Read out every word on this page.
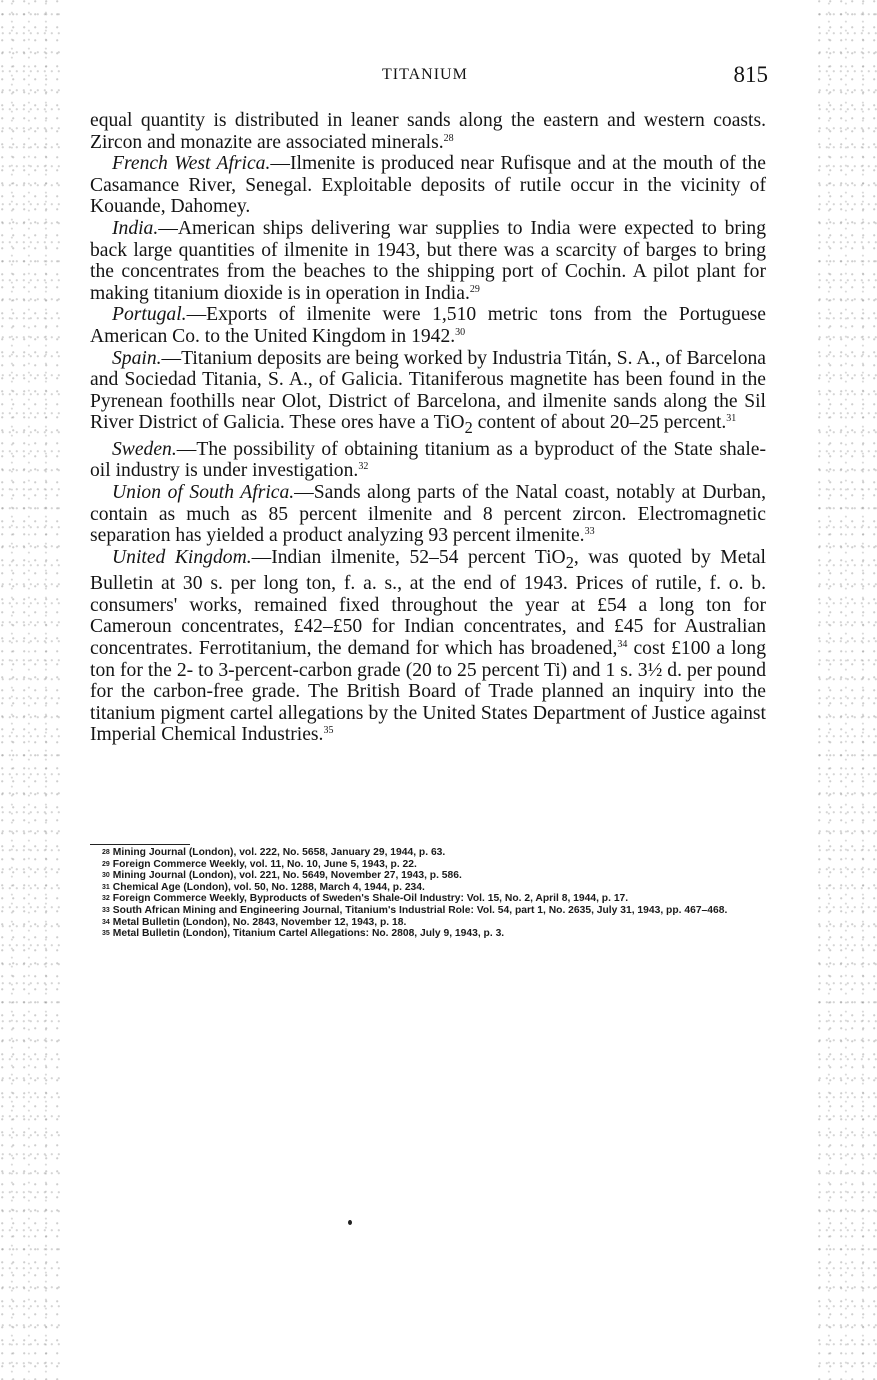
TITANIUM	815

equal quantity is distributed in leaner sands along the eastern and western coasts. Zircon and monazite are associated minerals.$^{28}$

French West Africa.—Ilmenite is produced near Rufisque and at the mouth of the Casamance River, Senegal. Exploitable deposits of rutile occur in the vicinity of Kouande, Dahomey.

India.—American ships delivering war supplies to India were expected to bring back large quantities of ilmenite in 1943, but there was a scarcity of barges to bring the concentrates from the beaches to the shipping port of Cochin. A pilot plant for making titanium dioxide is in operation in India.$^{29}$

Portugal.—Exports of ilmenite were 1,510 metric tons from the Portuguese American Co. to the United Kingdom in 1942.30

Spain.—Titanium deposits are being worked by Industria Titán, S. A., of Barcelona and Sociedad Titania, S. A., of Galicia. Titaniferous magnetite has been found in the Pyrenean foothills near Olot, District of Barcelona, and ilmenite sands along the Sil River District of Galicia. These ores have a TiO$_2$ content of about 20–25 percent.$^{31}$

Sweden.—The possibility of obtaining titanium as a byproduct of the State shale-oil industry is under investigation.$^{32}$

Union of South Africa.—Sands along parts of the Natal coast, notably at Durban, contain as much as 85 percent ilmenite and 8 percent zircon. Electromagnetic separation has yielded a product analyzing 93 percent ilmenite.$^{33}$

United Kingdom.—Indian ilmenite, 52–54 percent TiO$_2$, was quoted by Metal Bulletin at 30 s. per long ton, f. a. s., at the end of 1943. Prices of rutile, f. o. b. consumers' works, remained fixed throughout the year at £54 a long ton for Cameroun concentrates, £42–£50 for Indian concentrates, and £45 for Australian concentrates. Ferrotitanium, the demand for which has broadened,$^{34}$ cost £100 a long ton for the 2- to 3-percent-carbon grade (20 to 25 percent Ti) and 1 s. 3½ d. per pound for the carbon-free grade. The British Board of Trade planned an inquiry into the titanium pigment cartel allegations by the United States Department of Justice against Imperial Chemical Industries.$^{35}$

28 Mining Journal (London), vol. 222, No. 5658, January 29, 1944, p. 63.

29 Foreign Commerce Weekly, vol. 11, No. 10, June 5, 1943, p. 22.

30 Mining Journal (London), vol. 221, No. 5649, November 27, 1943, p. 586.

31 Chemical Age (London), vol. 50, No. 1288, March 4, 1944, p. 234.

32 Foreign Commerce Weekly, Byproducts of Sweden's Shale-Oil Industry: Vol. 15, No. 2, April 8, 1944, p. 17.

33 South African Mining and Engineering Journal, Titanium's Industrial Role: Vol. 54, part 1, No. 2635, July 31, 1943, pp. 467–468.

34 Metal Bulletin (London), No. 2843, November 12, 1943, p. 18.

35 Metal Bulletin (London), Titanium Cartel Allegations: No. 2808, July 9, 1943, p. 3.
